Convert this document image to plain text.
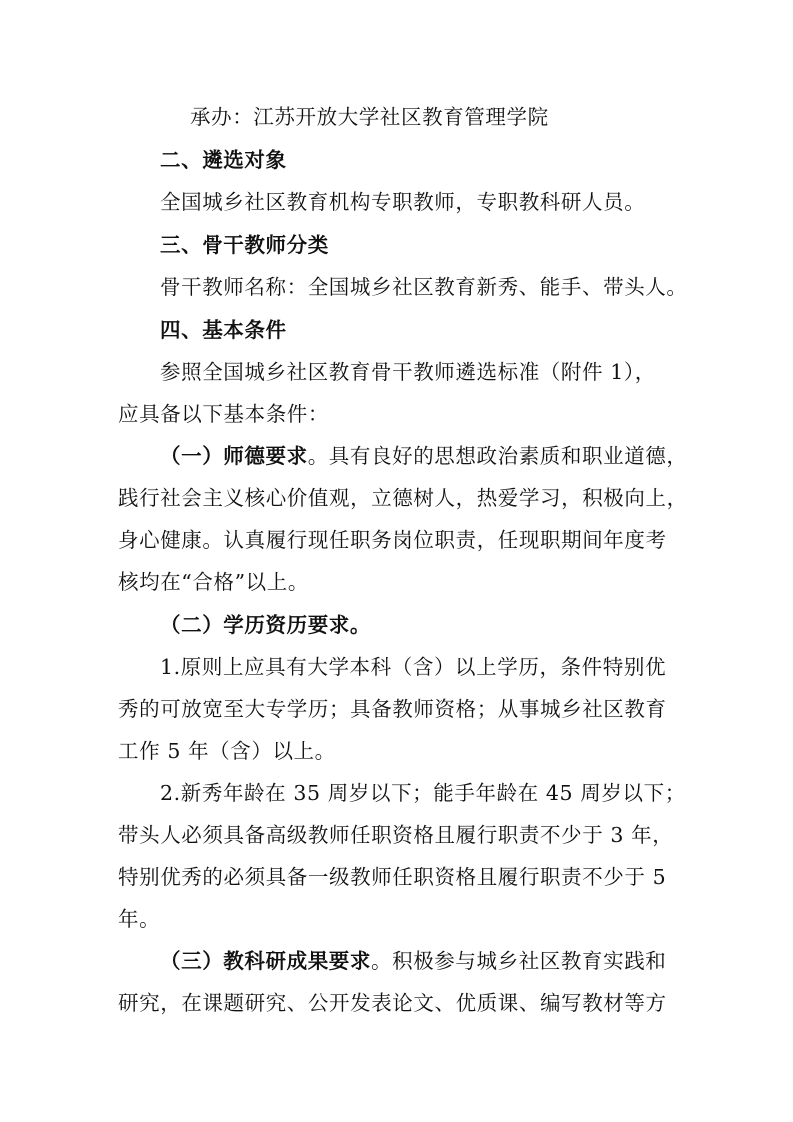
承办：江苏开放大学社区教育管理学院
二、遴选对象
全国城乡社区教育机构专职教师，专职教科研人员。
三、骨干教师分类
骨干教师名称：全国城乡社区教育新秀、能手、带头人。
四、基本条件
参照全国城乡社区教育骨干教师遴选标准（附件 1），
应具备以下基本条件：
（一）师德要求。具有良好的思想政治素质和职业道德，
践行社会主义核心价值观，立德树人，热爱学习，积极向上，
身心健康。认真履行现任职务岗位职责，任现职期间年度考
核均在“合格”以上。
（二）学历资历要求。
1.原则上应具有大学本科（含）以上学历，条件特别优
秀的可放宽至大专学历；具备教师资格；从事城乡社区教育
工作 5 年（含）以上。
2.新秀年龄在 35 周岁以下；能手年龄在 45 周岁以下；
带头人必须具备高级教师任职资格且履行职责不少于 3 年，
特别优秀的必须具备一级教师任职资格且履行职责不少于 5
年。
（三）教科研成果要求。积极参与城乡社区教育实践和
研究，在课题研究、公开发表论文、优质课、编写教材等方
